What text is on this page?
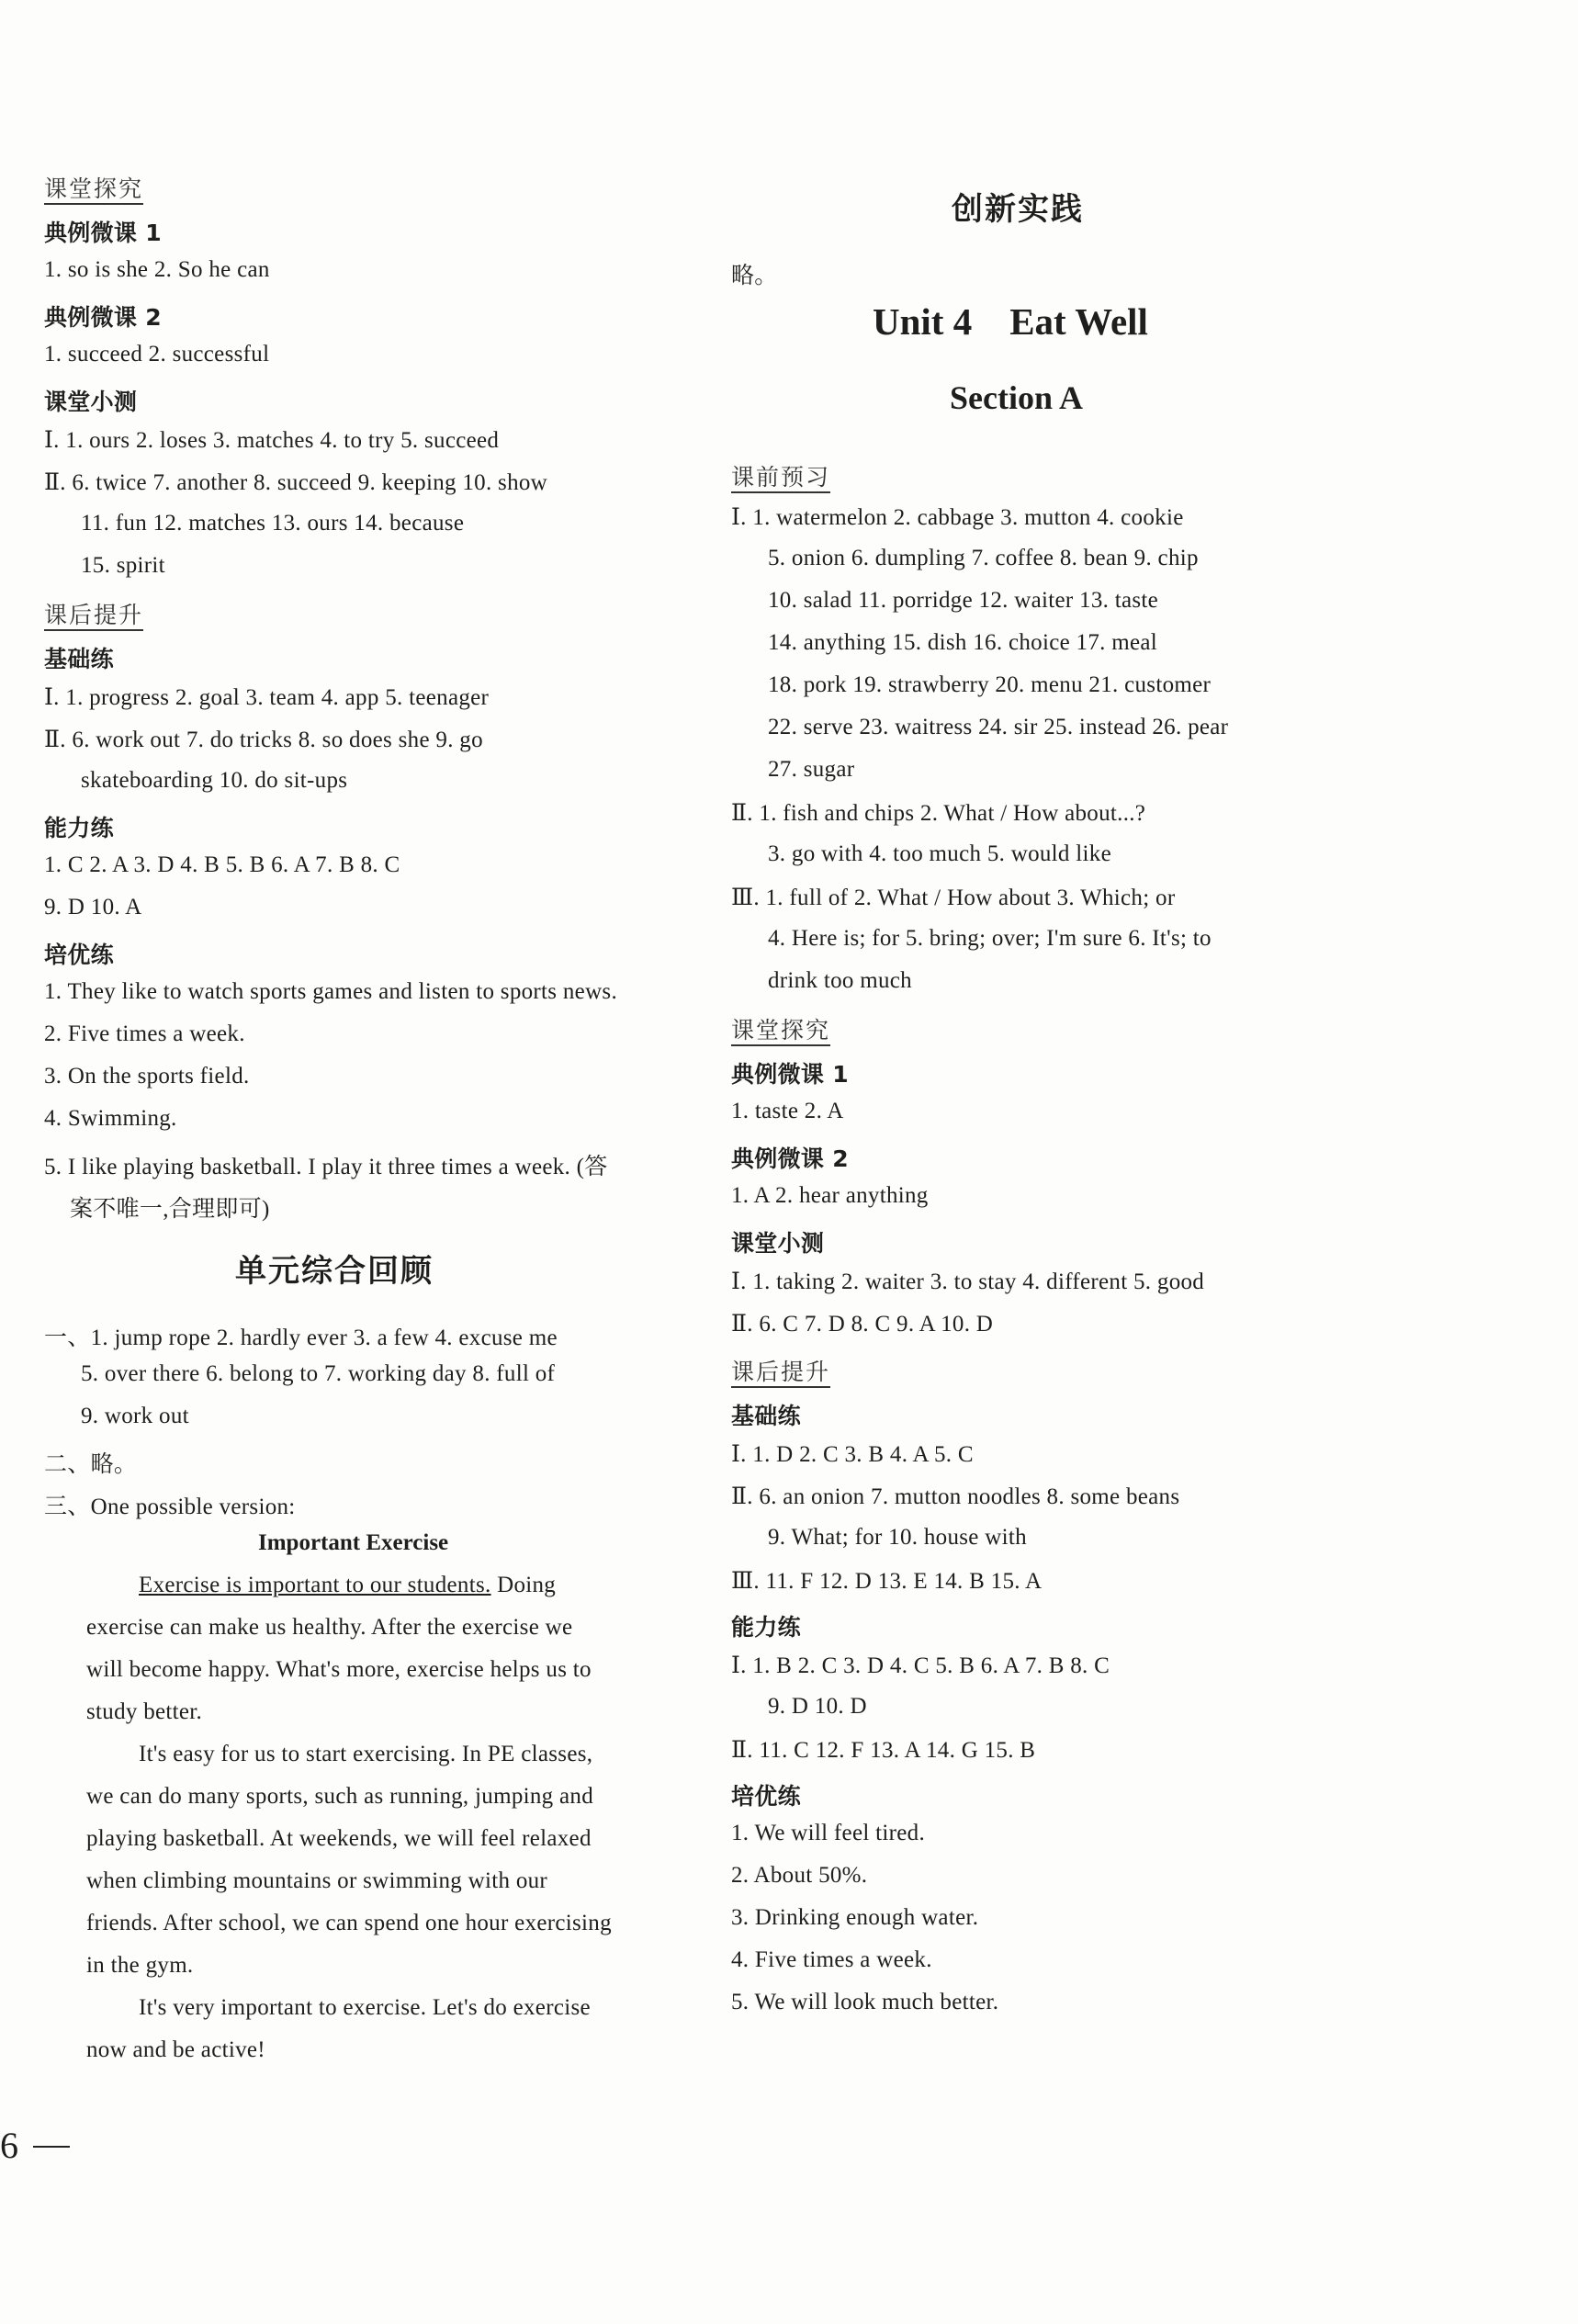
课堂探究
典例微课 1
1. so is she 2. So he can
典例微课 2
1. succeed 2. successful
课堂小测
Ⅰ. 1. ours 2. loses 3. matches 4. to try 5. succeed
Ⅱ. 6. twice 7. another 8. succeed 9. keeping 10. show
11. fun 12. matches 13. ours 14. because
15. spirit
课后提升
基础练
Ⅰ. 1. progress 2. goal 3. team 4. app 5. teenager
Ⅱ. 6. work out 7. do tricks 8. so does she 9. go
skateboarding 10. do sit-ups
能力练
1. C 2. A 3. D 4. B 5. B 6. A 7. B 8. C
9. D 10. A
培优练
1. They like to watch sports games and listen to sports news.
2. Five times a week.
3. On the sports field.
4. Swimming.
5. I like playing basketball. I play it three times a week. (答
案不唯一,合理即可)
单元综合回顾
一、1. jump rope 2. hardly ever 3. a few 4. excuse me
5. over there 6. belong to 7. working day 8. full of
9. work out
二、略。
三、One possible version:
Important Exercise
Exercise is important to our students. Doing
exercise can make us healthy. After the exercise we
will become happy. What's more, exercise helps us to
study better.
It's easy for us to start exercising. In PE classes,
we can do many sports, such as running, jumping and
playing basketball. At weekends, we will feel relaxed
when climbing mountains or swimming with our
friends. After school, we can spend one hour exercising
in the gym.
It's very important to exercise. Let's do exercise
now and be active!
创新实践
略。
Unit 4    Eat Well
Section A
课前预习
Ⅰ. 1. watermelon 2. cabbage 3. mutton 4. cookie
5. onion 6. dumpling 7. coffee 8. bean 9. chip
10. salad 11. porridge 12. waiter 13. taste
14. anything 15. dish 16. choice 17. meal
18. pork 19. strawberry 20. menu 21. customer
22. serve 23. waitress 24. sir 25. instead 26. pear
27. sugar
Ⅱ. 1. fish and chips 2. What / How about...?
3. go with 4. too much 5. would like
Ⅲ. 1. full of 2. What / How about 3. Which; or
4. Here is; for 5. bring; over; I'm sure 6. It's; to
drink too much
课堂探究
典例微课 1
1. taste 2. A
典例微课 2
1. A 2. hear anything
课堂小测
Ⅰ. 1. taking 2. waiter 3. to stay 4. different 5. good
Ⅱ. 6. C 7. D 8. C 9. A 10. D
课后提升
基础练
Ⅰ. 1. D 2. C 3. B 4. A 5. C
Ⅱ. 6. an onion 7. mutton noodles 8. some beans
9. What; for 10. house with
Ⅲ. 11. F 12. D 13. E 14. B 15. A
能力练
Ⅰ. 1. B 2. C 3. D 4. C 5. B 6. A 7. B 8. C
9. D 10. D
Ⅱ. 11. C 12. F 13. A 14. G 15. B
培优练
1. We will feel tired.
2. About 50%.
3. Drinking enough water.
4. Five times a week.
5. We will look much better.
6
